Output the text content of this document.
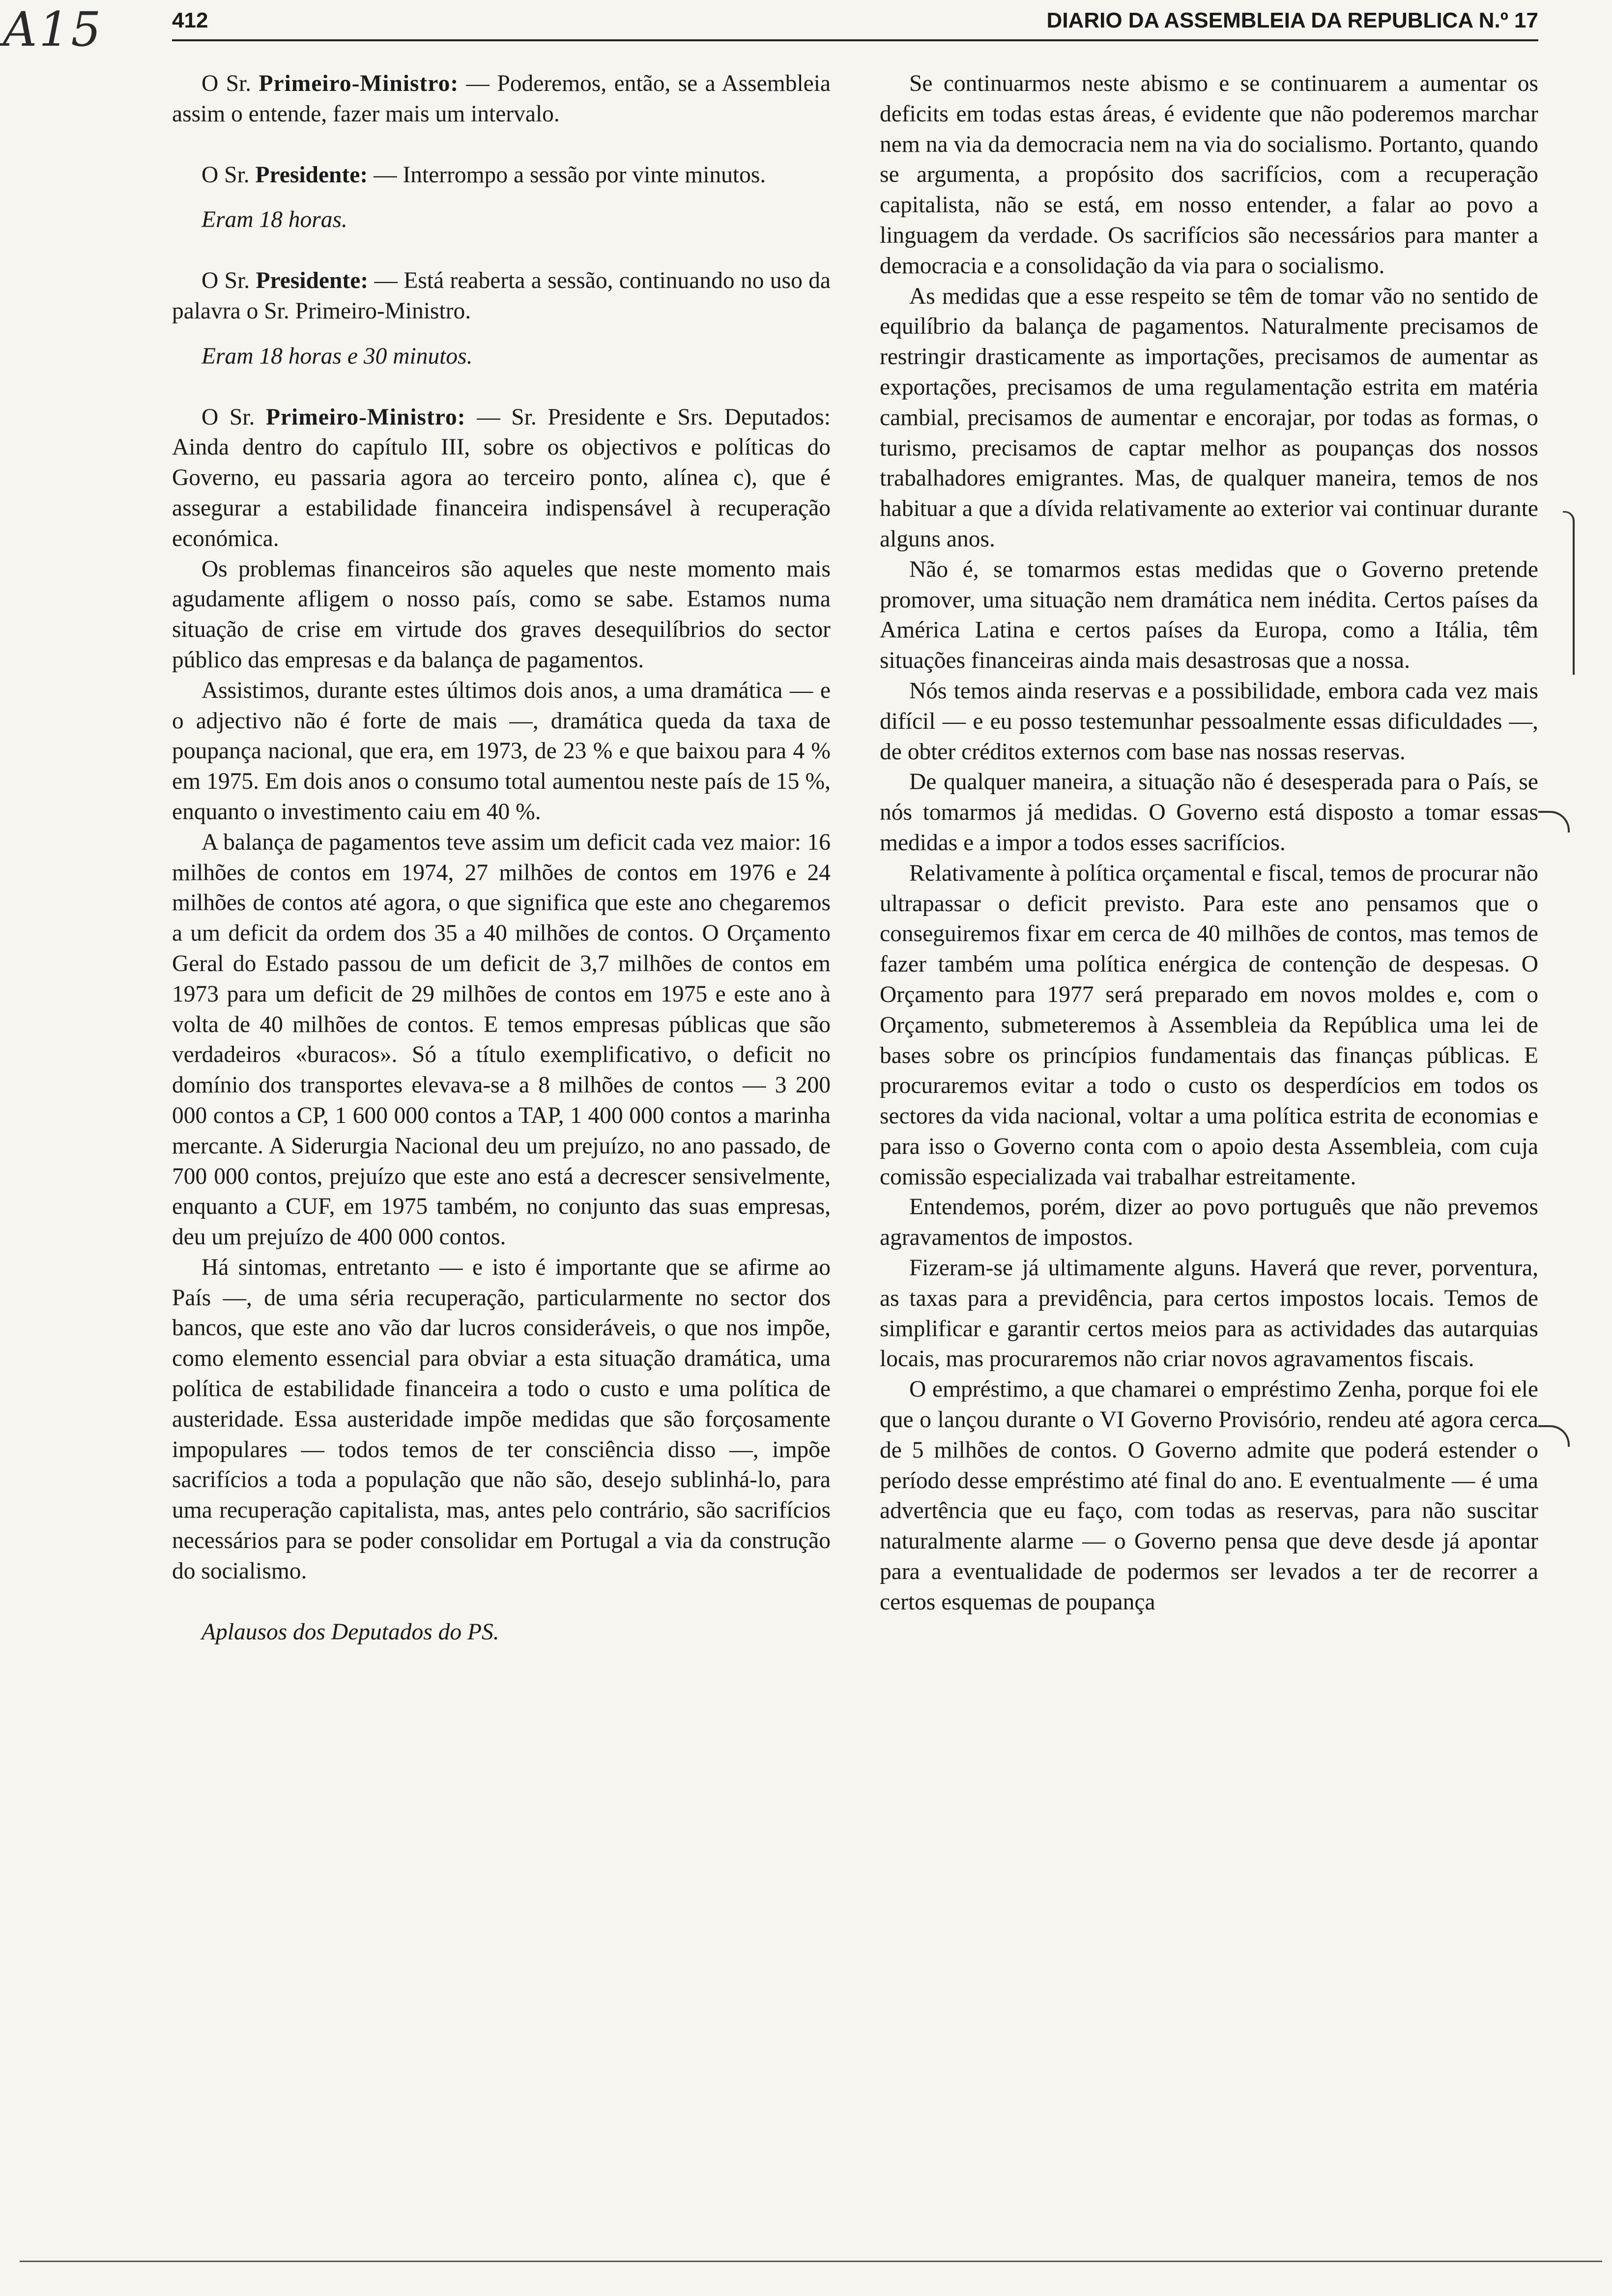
A15	412	DIARIO DA ASSEMBLEIA DA REPUBLICA N.º 17

O Sr. Primeiro-Ministro: — Poderemos, então, se a Assembleia assim o entende, fazer mais um intervalo.

O Sr. Presidente: — Interrompo a sessão por vinte minutos.

Eram 18 horas.

O Sr. Presidente: — Está reaberta a sessão, continuando no uso da palavra o Sr. Primeiro-Ministro.

Eram 18 horas e 30 minutos.

O Sr. Primeiro-Ministro: — Sr. Presidente e Srs. Deputados: Ainda dentro do capítulo III, sobre os objectivos e políticas do Governo, eu passaria agora ao terceiro ponto, alínea c), que é assegurar a estabilidade financeira indispensável à recuperação económica.

Os problemas financeiros são aqueles que neste momento mais agudamente afligem o nosso país, como se sabe. Estamos numa situação de crise em virtude dos graves desequilíbrios do sector público das empresas e da balança de pagamentos.

Assistimos, durante estes últimos dois anos, a uma dramática — e o adjectivo não é forte de mais —, dramática queda da taxa de poupança nacional, que era, em 1973, de 23 % e que baixou para 4 % em 1975. Em dois anos o consumo total aumentou neste país de 15 %, enquanto o investimento caiu em 40 %.

A balança de pagamentos teve assim um deficit cada vez maior: 16 milhões de contos em 1974, 27 milhões de contos em 1976 e 24 milhões de contos até agora, o que significa que este ano chegaremos a um deficit da ordem dos 35 a 40 milhões de contos. O Orçamento Geral do Estado passou de um deficit de 3,7 milhões de contos em 1973 para um deficit de 29 milhões de contos em 1975 e este ano à volta de 40 milhões de contos. E temos empresas públicas que são verdadeiros «buracos». Só a título exemplificativo, o deficit no domínio dos transportes elevava-se a 8 milhões de contos — 3 200 000 contos a CP, 1 600 000 contos a TAP, 1 400 000 contos a marinha mercante. A Siderurgia Nacional deu um prejuízo, no ano passado, de 700 000 contos, prejuízo que este ano está a decrescer sensivelmente, enquanto a CUF, em 1975 também, no conjunto das suas empresas, deu um prejuízo de 400 000 contos.

Há sintomas, entretanto — e isto é importante que se afirme ao País —, de uma séria recuperação, particularmente no sector dos bancos, que este ano vão dar lucros consideráveis, o que nos impõe, como elemento essencial para obviar a esta situação dramática, uma política de estabilidade financeira a todo o custo e uma política de austeridade. Essa austeridade impõe medidas que são forçosamente impopulares — todos temos de ter consciência disso —, impõe sacrifícios a toda a população que não são, desejo sublinhá-lo, para uma recuperação capitalista, mas, antes pelo contrário, são sacrifícios necessários para se poder consolidar em Portugal a via da construção do socialismo.

Aplausos dos Deputados do PS.

Se continuarmos neste abismo e se continuarem a aumentar os deficits em todas estas áreas, é evidente que não poderemos marchar nem na via da democracia nem na via do socialismo. Portanto, quando se argumenta, a propósito dos sacrifícios, com a recuperação capitalista, não se está, em nosso entender, a falar ao povo a linguagem da verdade. Os sacrifícios são necessários para manter a democracia e a consolidação da via para o socialismo.

As medidas que a esse respeito se têm de tomar vão no sentido de equilíbrio da balança de pagamentos. Naturalmente precisamos de restringir drasticamente as importações, precisamos de aumentar as exportações, precisamos de uma regulamentação estrita em matéria cambial, precisamos de aumentar e encorajar, por todas as formas, o turismo, precisamos de captar melhor as poupanças dos nossos trabalhadores emigrantes. Mas, de qualquer maneira, temos de nos habituar a que a dívida relativamente ao exterior vai continuar durante alguns anos.

Não é, se tomarmos estas medidas que o Governo pretende promover, uma situação nem dramática nem inédita. Certos países da América Latina e certos países da Europa, como a Itália, têm situações financeiras ainda mais desastrosas que a nossa.

Nós temos ainda reservas e a possibilidade, embora cada vez mais difícil — e eu posso testemunhar pessoalmente essas dificuldades —, de obter créditos externos com base nas nossas reservas.

De qualquer maneira, a situação não é desesperada para o País, se nós tomarmos já medidas. O Governo está disposto a tomar essas medidas e a impor a todos esses sacrifícios.

Relativamente à política orçamental e fiscal, temos de procurar não ultrapassar o deficit previsto. Para este ano pensamos que o conseguiremos fixar em cerca de 40 milhões de contos, mas temos de fazer também uma política enérgica de contenção de despesas. O Orçamento para 1977 será preparado em novos moldes e, com o Orçamento, submeteremos à Assembleia da República uma lei de bases sobre os princípios fundamentais das finanças públicas. E procuraremos evitar a todo o custo os desperdícios em todos os sectores da vida nacional, voltar a uma política estrita de economias e para isso o Governo conta com o apoio desta Assembleia, com cuja comissão especializada vai trabalhar estreitamente.

Entendemos, porém, dizer ao povo português que não prevemos agravamentos de impostos.

Fizeram-se já ultimamente alguns. Haverá que rever, porventura, as taxas para a previdência, para certos impostos locais. Temos de simplificar e garantir certos meios para as actividades das autarquias locais, mas procuraremos não criar novos agravamentos fiscais.

O empréstimo, a que chamarei o empréstimo Zenha, porque foi ele que o lançou durante o VI Governo Provisório, rendeu até agora cerca de 5 milhões de contos. O Governo admite que poderá estender o período desse empréstimo até final do ano. E eventualmente — é uma advertência que eu faço, com todas as reservas, para não suscitar naturalmente alarme — o Governo pensa que deve desde já apontar para a eventualidade de podermos ser levados a ter de recorrer a certos esquemas de poupança
